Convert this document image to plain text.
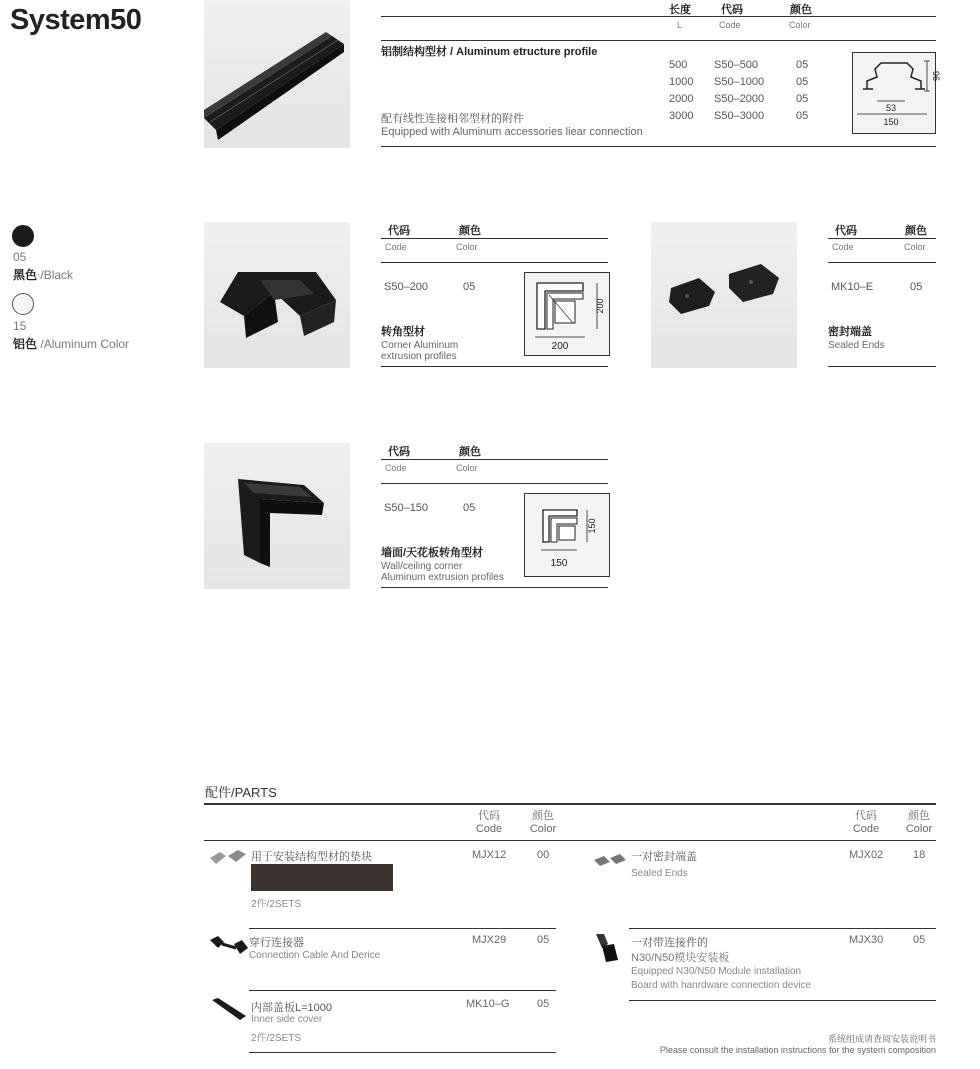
System50
05
黑色 /Black
15
铝色 /Aluminum Color
长度	代码	颜色
L	Code	Color
铝制结构型材 / Aluminum etructure profile
500 S50–500	05
1000 S50–1000	05
2000 S50–2000	05
3000 S50–3000	05
配有线性连接相邻型材的附件
Equipped with Aluminum accessories liear connection
96
53
150
代码	颜色
Code	Color
S50–200	05
转角型材
Corner Aluminum
extrusion profiles
200
200
代码	颜色
Code	Color
MK10–E	05
密封端盖
Sealed Ends
代码	颜色
Code	Color
S50–150	05
墙面/天花板转角型材
Wall/ceiling corner
Aluminum extrusion profiles
150
150
配件/PARTS
代码
Code
颜色
Color
代码
Code
颜色
Color
用于安装结构型材的垫块
2件/2SETS
MJX12	00
穿行连接器
Connection Cable And Derice
MJX29	05
内部盖板L=1000
Inner side cover
2件/2SETS
MK10–G	05
一对密封端盖
Sealed Ends
MJX02	18
一对带连接件的
N30/N50模块安装板
Equipped N30/N50 Module installation
Board with hanrdware connection device
MJX30	05
系统组成请查阅安装说明书
Please consult the installation instructions for the system composition
